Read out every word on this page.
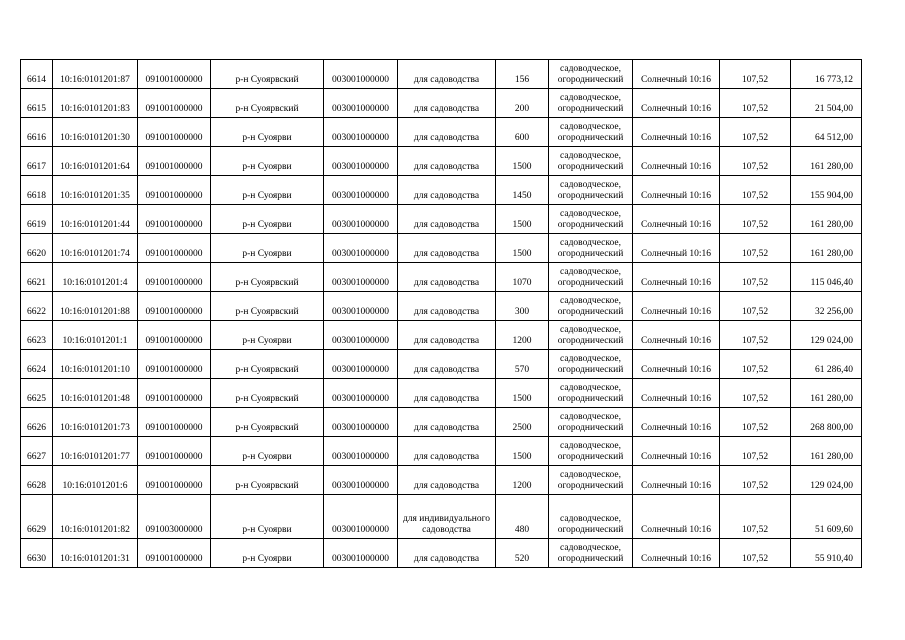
6614	10:16:0101201:87	091001000000	р-н Суоярвский	003001000000	для садоводства	156	садоводческое, огороднический	Солнечный 10:16	107,52	16 773,12
6615	10:16:0101201:83	091001000000	р-н Суоярвский	003001000000	для садоводства	200	садоводческое, огороднический	Солнечный 10:16	107,52	21 504,00
6616	10:16:0101201:30	091001000000	р-н Суоярви	003001000000	для садоводства	600	садоводческое, огороднический	Солнечный 10:16	107,52	64 512,00
6617	10:16:0101201:64	091001000000	р-н Суоярви	003001000000	для садоводства	1500	садоводческое, огороднический	Солнечный 10:16	107,52	161 280,00
6618	10:16:0101201:35	091001000000	р-н Суоярви	003001000000	для садоводства	1450	садоводческое, огороднический	Солнечный 10:16	107,52	155 904,00
6619	10:16:0101201:44	091001000000	р-н Суоярви	003001000000	для садоводства	1500	садоводческое, огороднический	Солнечный 10:16	107,52	161 280,00
6620	10:16:0101201:74	091001000000	р-н Суоярви	003001000000	для садоводства	1500	садоводческое, огороднический	Солнечный 10:16	107,52	161 280,00
6621	10:16:0101201:4	091001000000	р-н Суоярвский	003001000000	для садоводства	1070	садоводческое, огороднический	Солнечный 10:16	107,52	115 046,40
6622	10:16:0101201:88	091001000000	р-н Суоярвский	003001000000	для садоводства	300	садоводческое, огороднический	Солнечный 10:16	107,52	32 256,00
6623	10:16:0101201:1	091001000000	р-н Суоярви	003001000000	для садоводства	1200	садоводческое, огороднический	Солнечный 10:16	107,52	129 024,00
6624	10:16:0101201:10	091001000000	р-н Суоярвский	003001000000	для садоводства	570	садоводческое, огороднический	Солнечный 10:16	107,52	61 286,40
6625	10:16:0101201:48	091001000000	р-н Суоярвский	003001000000	для садоводства	1500	садоводческое, огороднический	Солнечный 10:16	107,52	161 280,00
6626	10:16:0101201:73	091001000000	р-н Суоярвский	003001000000	для садоводства	2500	садоводческое, огороднический	Солнечный 10:16	107,52	268 800,00
6627	10:16:0101201:77	091001000000	р-н Суоярви	003001000000	для садоводства	1500	садоводческое, огороднический	Солнечный 10:16	107,52	161 280,00
6628	10:16:0101201:6	091001000000	р-н Суоярвский	003001000000	для садоводства	1200	садоводческое, огороднический	Солнечный 10:16	107,52	129 024,00
6629	10:16:0101201:82	091003000000	р-н Суоярви	003001000000	для индивидуального садоводства	480	садоводческое, огороднический	Солнечный 10:16	107,52	51 609,60
6630	10:16:0101201:31	091001000000	р-н Суоярви	003001000000	для садоводства	520	садоводческое, огороднический	Солнечный 10:16	107,52	55 910,40
